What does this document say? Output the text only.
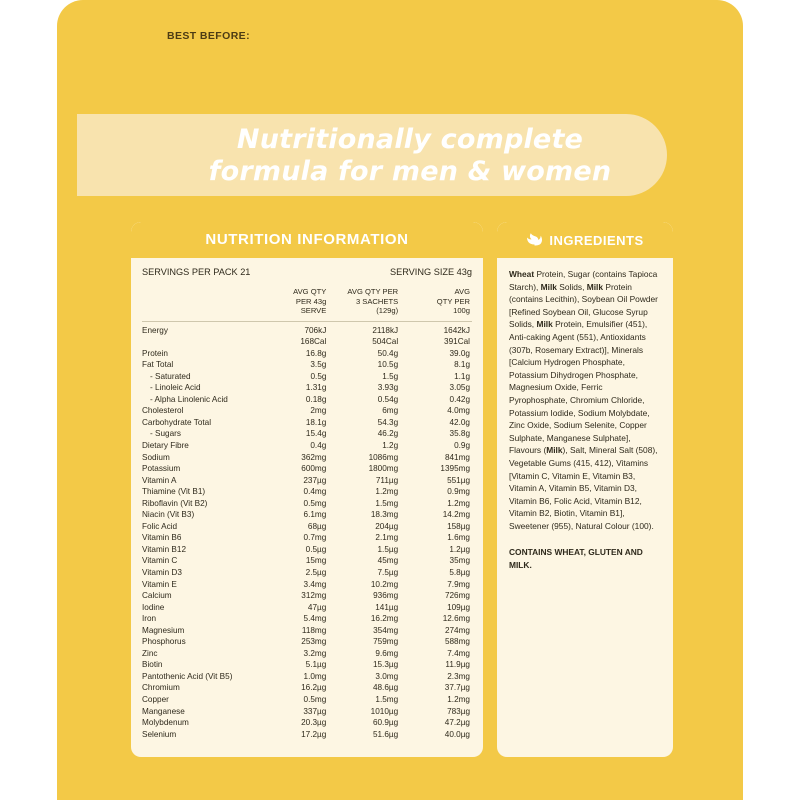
BEST BEFORE:
Nutritionally complete
formula for men & women
NUTRITION INFORMATION
SERVINGS PER PACK 21	SERVING SIZE 43g
AVG QTY
PER 43g
SERVE
AVG QTY PER
3 SACHETS
(129g)
AVG
QTY PER
100g
Energy	706kJ	2118kJ	1642kJ
168Cal	504Cal	391Cal
Protein	16.8g	50.4g	39.0g
Fat Total	3.5g	10.5g	8.1g
- Saturated	0.5g	1.5g	1.1g
- Linoleic Acid	1.31g	3.93g	3.05g
- Alpha Linolenic Acid	0.18g	0.54g	0.42g
Cholesterol	2mg	6mg	4.0mg
Carbohydrate Total	18.1g	54.3g	42.0g
- Sugars	15.4g	46.2g	35.8g
Dietary Fibre	0.4g	1.2g	0.9g
Sodium	362mg	1086mg	841mg
Potassium	600mg	1800mg	1395mg
Vitamin A	237µg	711µg	551µg
Thiamine (Vit B1)	0.4mg	1.2mg	0.9mg
Riboflavin (Vit B2)	0.5mg	1.5mg	1.2mg
Niacin (Vit B3)	6.1mg	18.3mg	14.2mg
Folic Acid	68µg	204µg	158µg
Vitamin B6	0.7mg	2.1mg	1.6mg
Vitamin B12	0.5µg	1.5µg	1.2µg
Vitamin C	15mg	45mg	35mg
Vitamin D3	2.5µg	7.5µg	5.8µg
Vitamin E	3.4mg	10.2mg	7.9mg
Calcium	312mg	936mg	726mg
Iodine	47µg	141µg	109µg
Iron	5.4mg	16.2mg	12.6mg
Magnesium	118mg	354mg	274mg
Phosphorus	253mg	759mg	588mg
Zinc	3.2mg	9.6mg	7.4mg
Biotin	5.1µg	15.3µg	11.9µg
Pantothenic Acid (Vit B5)	1.0mg	3.0mg	2.3mg
Chromium	16.2µg	48.6µg	37.7µg
Copper	0.5mg	1.5mg	1.2mg
Manganese	337µg	1010µg	783µg
Molybdenum	20.3µg	60.9µg	47.2µg
Selenium	17.2µg	51.6µg	40.0µg
INGREDIENTS
Wheat Protein, Sugar (contains Tapioca Starch), Milk Solids, Milk Protein (contains Lecithin), Soybean Oil Powder [Refined Soybean Oil, Glucose Syrup Solids, Milk Protein, Emulsifier (451), Anti-caking Agent (551), Antioxidants (307b, Rosemary Extract)], Minerals [Calcium Hydrogen Phosphate, Potassium Dihydrogen Phosphate, Magnesium Oxide, Ferric Pyrophosphate, Chromium Chloride, Potassium Iodide, Sodium Molybdate, Zinc Oxide, Sodium Selenite, Copper Sulphate, Manganese Sulphate], Flavours (Milk), Salt, Mineral Salt (508), Vegetable Gums (415, 412), Vitamins [Vitamin C, Vitamin E, Vitamin B3, Vitamin A, Vitamin B5, Vitamin D3, Vitamin B6, Folic Acid, Vitamin B12, Vitamin B2, Biotin, Vitamin B1], Sweetener (955), Natural Colour (100).
CONTAINS WHEAT, GLUTEN AND MILK.
